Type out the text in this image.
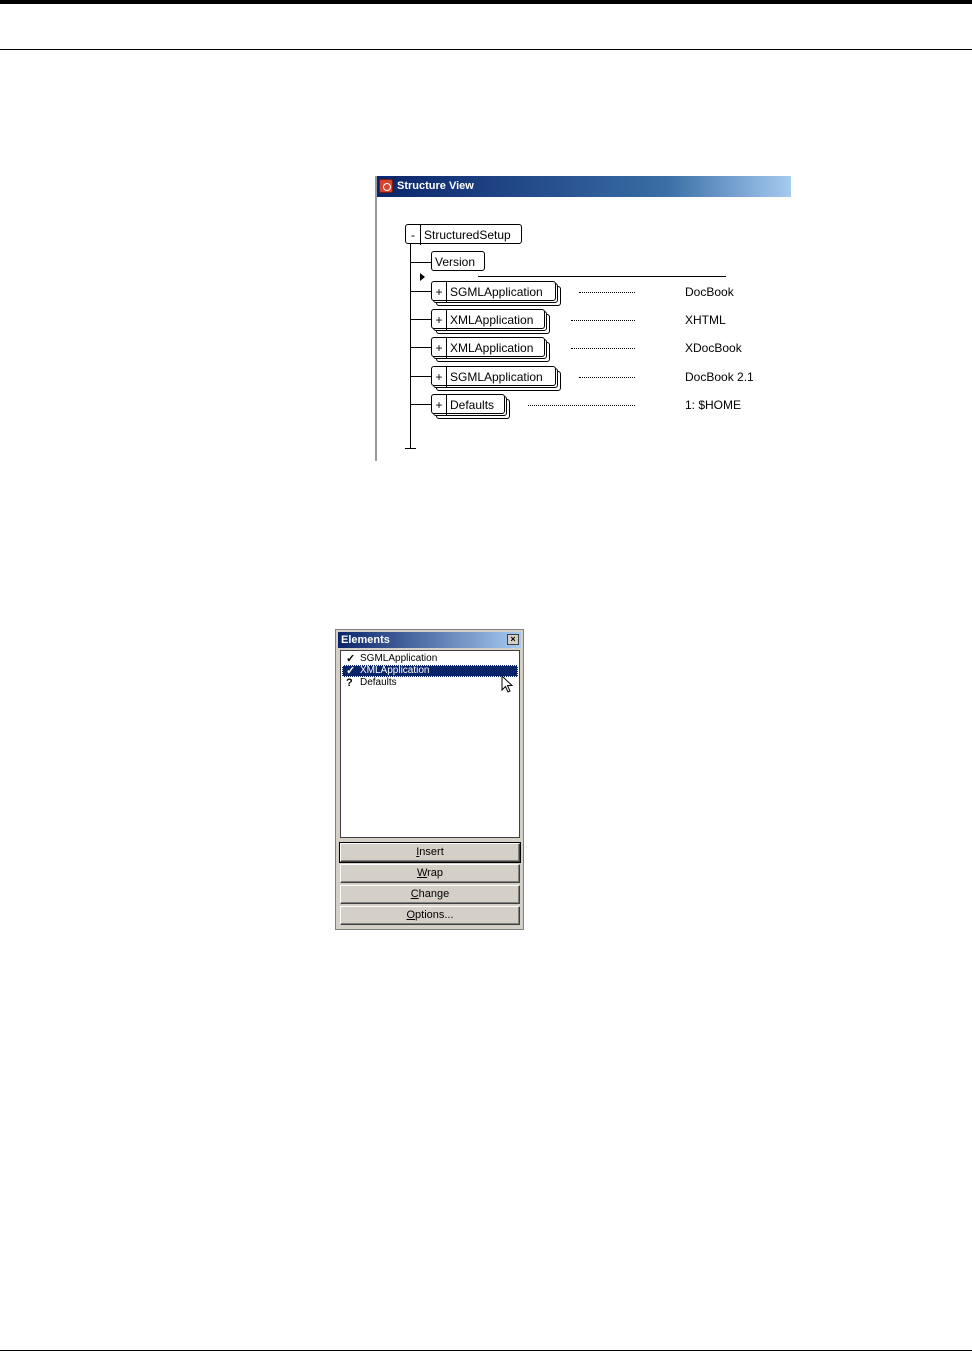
Structure View
- StructuredSetup
Version
+ SGMLApplication	DocBook
+ XMLApplication	XHTML
+ XMLApplication	XDocBook
+ SGMLApplication	DocBook 2.1
+ Defaults	1: $HOME
Elements	×
✓ SGMLApplication
✓ XMLApplication
? Defaults
Insert
Wrap
Change
Options...
